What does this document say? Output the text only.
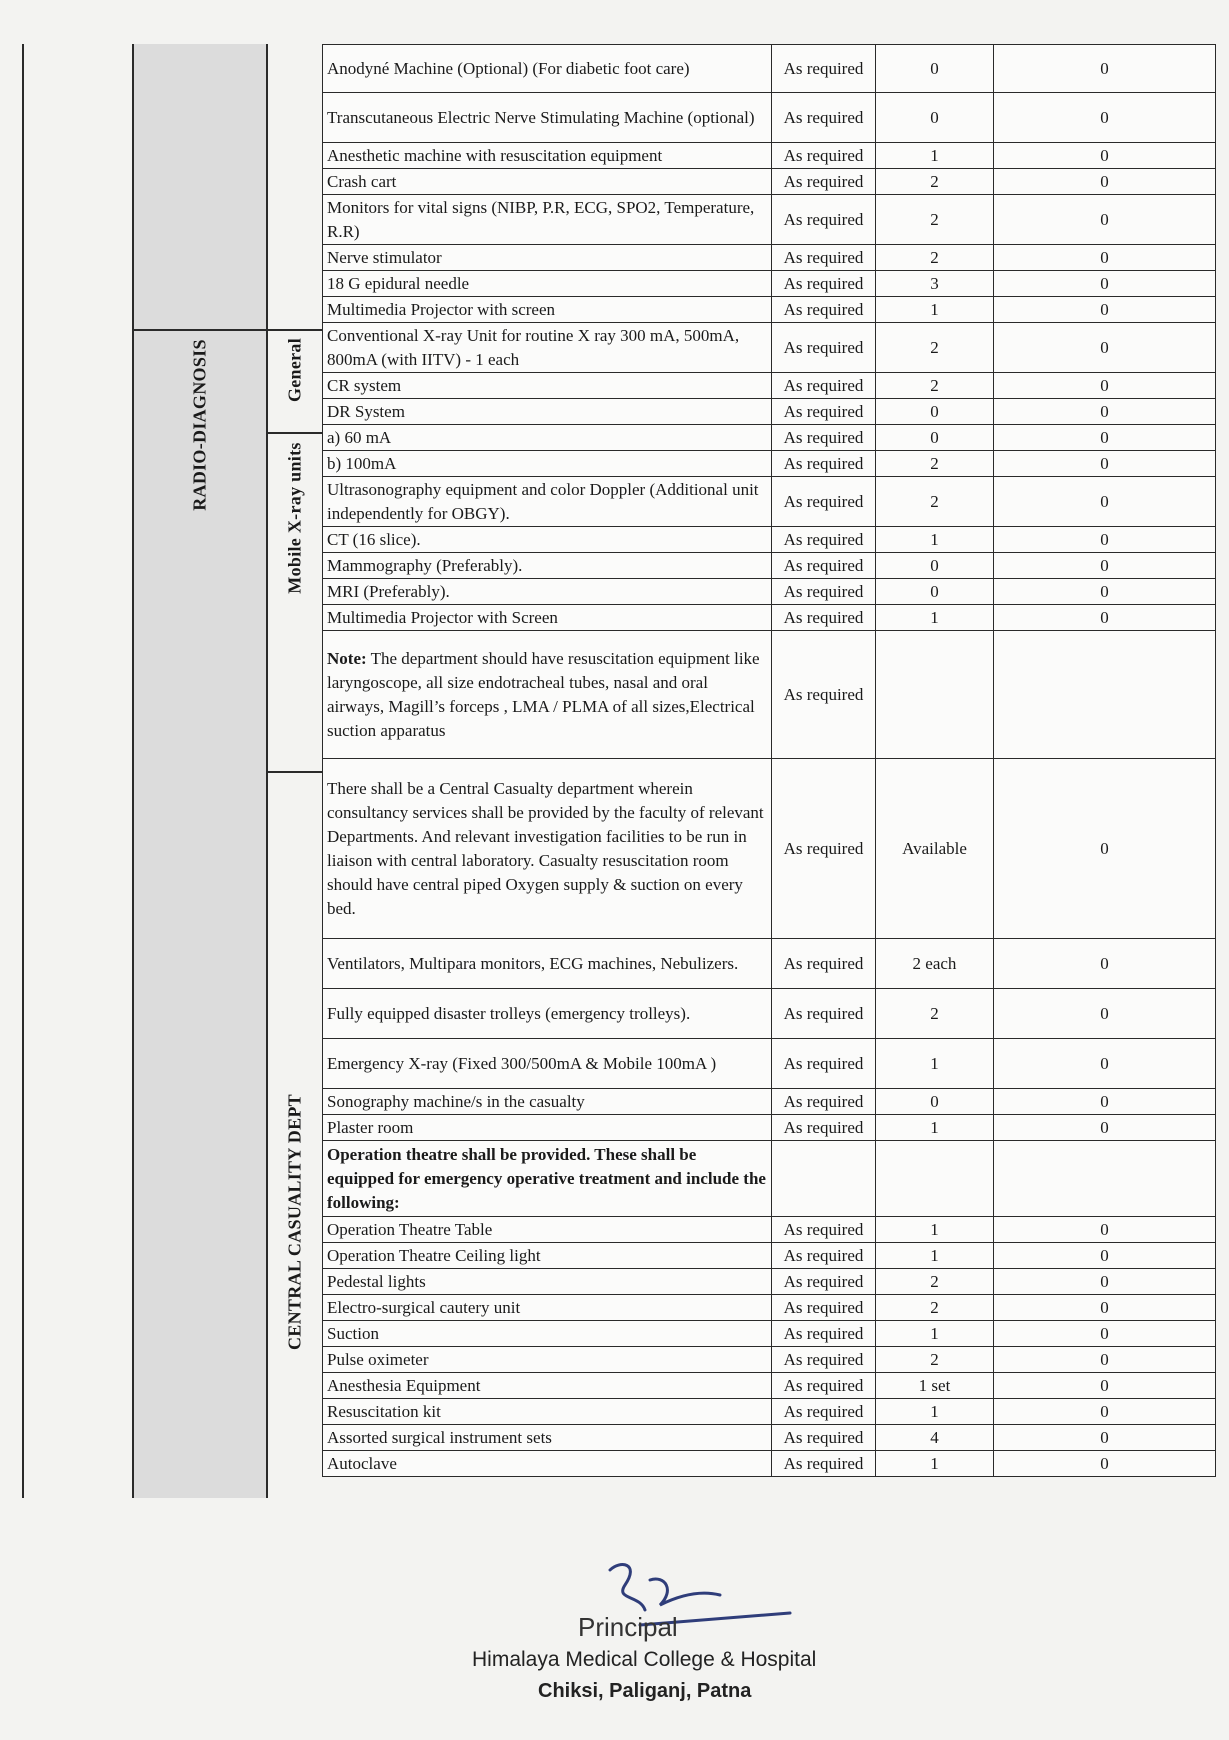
RADIO-DIAGNOSIS	General
Mobile X-ray units
CENTRAL CASUALITY DEPT
Anodyné Machine (Optional) (For diabetic foot care)	As required	0	0
Transcutaneous Electric Nerve Stimulating Machine (optional)	As required	0	0
Anesthetic machine with resuscitation equipment	As required	1	0
Crash cart	As required	2	0
Monitors for vital signs (NIBP, P.R, ECG, SPO2, Temperature, R.R)	As required	2	0
Nerve stimulator	As required	2	0
18 G epidural needle	As required	3	0
Multimedia Projector with screen	As required	1	0
Conventional X-ray Unit for routine X ray 300 mA, 500mA, 800mA (with IITV) - 1 each	As required	2	0
CR system	As required	2	0
DR System	As required	0	0
a) 60 mA	As required	0	0
b) 100mA	As required	2	0
Ultrasonography equipment and color Doppler (Additional unit independently for OBGY).	As required	2	0
CT (16 slice).	As required	1	0
Mammography (Preferably).	As required	0	0
MRI (Preferably).	As required	0	0
Multimedia Projector with Screen	As required	1	0
Note: The department should have resuscitation equipment like laryngoscope, all size endotracheal tubes, nasal and oral airways, Magill’s forceps , LMA / PLMA of all sizes,Electrical suction apparatus	As required		
There shall be a Central Casualty department wherein consultancy services shall be provided by the faculty of relevant Departments. And relevant investigation facilities to be run in liaison with central laboratory. Casualty resuscitation room should have central piped Oxygen supply & suction on every bed.	As required	Available	0
Ventilators, Multipara monitors, ECG machines, Nebulizers.	As required	2 each	0
Fully equipped disaster trolleys (emergency trolleys).	As required	2	0
Emergency X-ray (Fixed 300/500mA & Mobile 100mA )	As required	1	0
Sonography machine/s in the casualty	As required	0	0
Plaster room	As required	1	0
Operation theatre shall be provided. These shall be equipped for emergency operative treatment and include the following:			
Operation Theatre Table	As required	1	0
Operation Theatre Ceiling light	As required	1	0
Pedestal lights	As required	2	0
Electro-surgical cautery unit	As required	2	0
Suction	As required	1	0
Pulse oximeter	As required	2	0
Anesthesia Equipment	As required	1 set	0
Resuscitation kit	As required	1	0
Assorted surgical instrument sets	As required	4	0
Autoclave	As required	1	0
Principal
Himalaya Medical College & Hospital
Chiksi, Paliganj, Patna
